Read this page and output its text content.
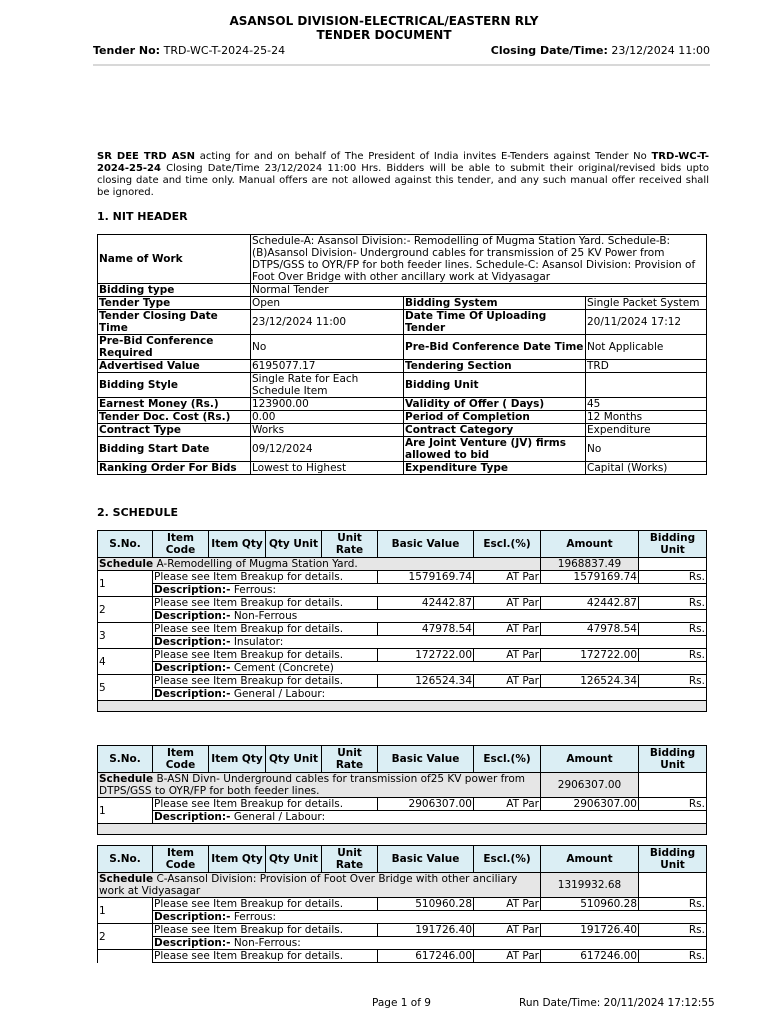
ASANSOL DIVISION-ELECTRICAL/EASTERN RLY
TENDER DOCUMENT
Tender No: TRD-WC-T-2024-25-24	Closing Date/Time: 23/12/2024 11:00
SR DEE TRD ASN acting for and on behalf of The President of India invites E-Tenders against Tender No TRD-WC-T-2024-25-24 Closing Date/Time 23/12/2024 11:00 Hrs. Bidders will be able to submit their original/revised bids upto closing date and time only. Manual offers are not allowed against this tender, and any such manual offer received shall be ignored.
1. NIT HEADER
Name of Work	Schedule-A: Asansol Division:- Remodelling of Mugma Station Yard. Schedule-B:(B)Asansol Division- Underground cables for transmission of 25 KV Power from DTPS/GSS to OYR/FP for both feeder lines. Schedule-C: Asansol Division: Provision of Foot Over Bridge with other ancillary work at Vidyasagar		
Bidding type	Normal Tender		
Tender Type	Open	Bidding System	Single Packet System
Tender Closing Date Time	23/12/2024 11:00	Date Time Of Uploading Tender	20/11/2024 17:12
Pre-Bid Conference Required	No	Pre-Bid Conference Date Time	Not Applicable
Advertised Value	6195077.17	Tendering Section	TRD
Bidding Style	Single Rate for Each Schedule Item	Bidding Unit	
Earnest Money (Rs.)	123900.00	Validity of Offer ( Days)	45
Tender Doc. Cost (Rs.)	0.00	Period of Completion	12 Months
Contract Type	Works	Contract Category	Expenditure
Bidding Start Date	09/12/2024	Are Joint Venture (JV) firms allowed to bid	No
Ranking Order For Bids	Lowest to Highest	Expenditure Type	Capital (Works)
2. SCHEDULE
S.No.	Item Code	Item Qty	Qty Unit	Unit Rate	Basic Value	Escl.(%)	Amount	Bidding Unit
Schedule A-Remodelling of Mugma Station Yard.							1968837.49	
1	Please see Item Breakup for details.				1579169.74	AT Par	1579169.74	Rs.
	Description:- Ferrous:							
2	Please see Item Breakup for details.				42442.87	AT Par	42442.87	Rs.
	Description:- Non-Ferrous							
3	Please see Item Breakup for details.				47978.54	AT Par	47978.54	Rs.
	Description:- Insulator:							
4	Please see Item Breakup for details.				172722.00	AT Par	172722.00	Rs.
	Description:- Cement (Concrete)							
5	Please see Item Breakup for details.				126524.34	AT Par	126524.34	Rs.
	Description:- General / Labour:							

S.No.	Item Code	Item Qty	Qty Unit	Unit Rate	Basic Value	Escl.(%)	Amount	Bidding Unit
Schedule B-ASN Divn- Underground cables for transmission of25 KV power from DTPS/GSS to OYR/FP for both feeder lines.							2906307.00	
1	Please see Item Breakup for details.				2906307.00	AT Par	2906307.00	Rs.
	Description:- General / Labour:							

S.No.	Item Code	Item Qty	Qty Unit	Unit Rate	Basic Value	Escl.(%)	Amount	Bidding Unit
Schedule C-Asansol Division: Provision of Foot Over Bridge with other anciliary work at Vidyasagar							1319932.68	
1	Please see Item Breakup for details.				510960.28	AT Par	510960.28	Rs.
	Description:- Ferrous:							
2	Please see Item Breakup for details.				191726.40	AT Par	191726.40	Rs.
	Description:- Non-Ferrous:							
	Please see Item Breakup for details.				617246.00	AT Par	617246.00	Rs.
Page 1 of 9	Run Date/Time: 20/11/2024 17:12:55
